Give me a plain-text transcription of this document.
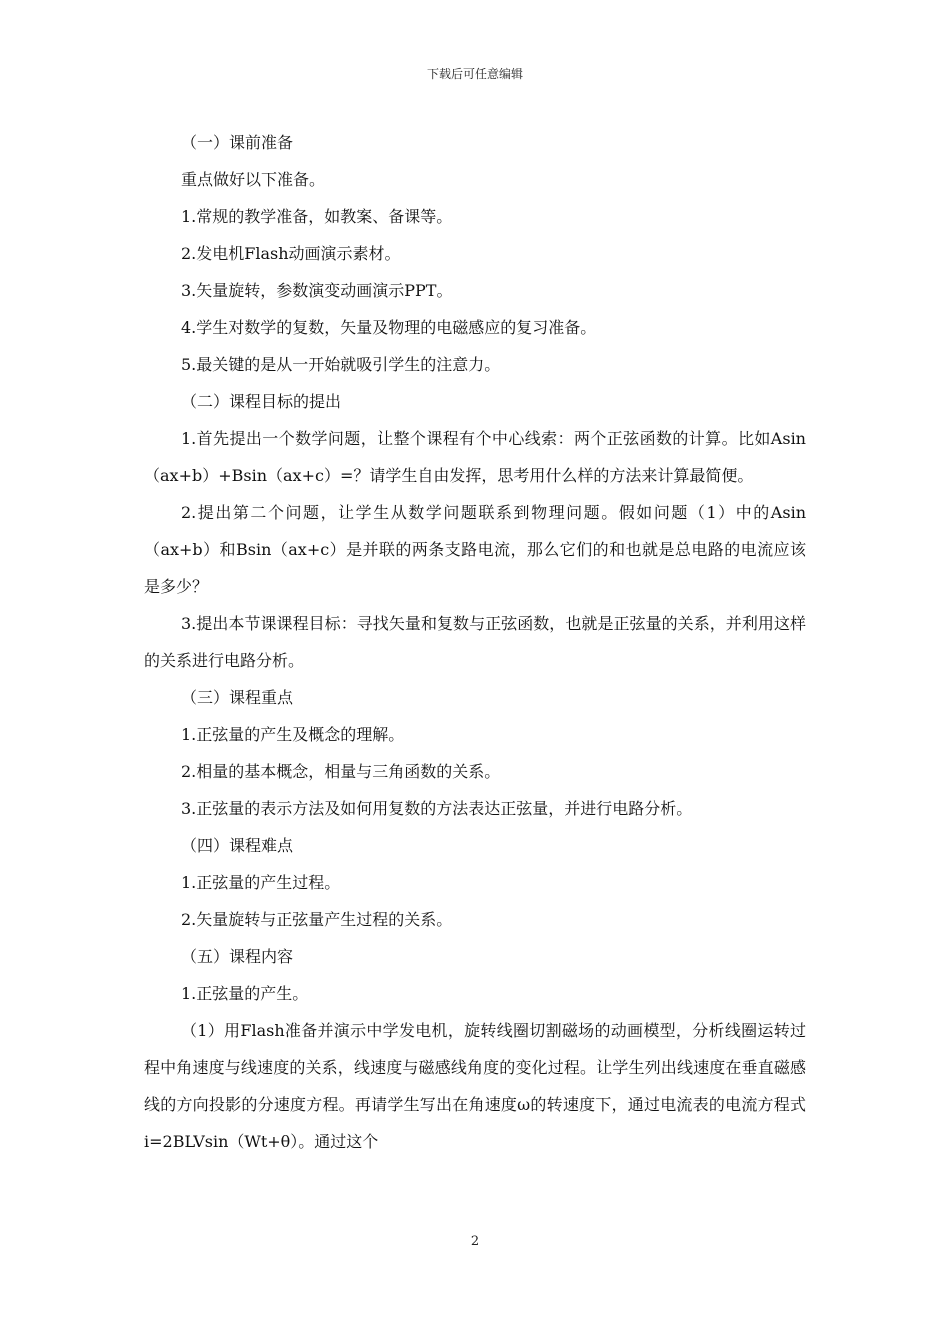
下载后可任意编辑
（一）课前准备
重点做好以下准备。
1.常规的教学准备，如教案、备课等。
2.发电机Flash动画演示素材。
3.矢量旋转，参数演变动画演示PPT。
4.学生对数学的复数，矢量及物理的电磁感应的复习准备。
5.最关键的是从一开始就吸引学生的注意力。
（二）课程目标的提出
1.首先提出一个数学问题，让整个课程有个中心线索：两个正弦函数的计算。比如Asin（ax+b）+Bsin（ax+c）=？请学生自由发挥，思考用什么样的方法来计算最简便。
2.提出第二个问题，让学生从数学问题联系到物理问题。假如问题（1）中的Asin（ax+b）和Bsin（ax+c）是并联的两条支路电流，那么它们的和也就是总电路的电流应该是多少？
3.提出本节课课程目标：寻找矢量和复数与正弦函数，也就是正弦量的关系，并利用这样的关系进行电路分析。
（三）课程重点
1.正弦量的产生及概念的理解。
2.相量的基本概念，相量与三角函数的关系。
3.正弦量的表示方法及如何用复数的方法表达正弦量，并进行电路分析。
（四）课程难点
1.正弦量的产生过程。
2.矢量旋转与正弦量产生过程的关系。
（五）课程内容
1.正弦量的产生。
（1）用Flash准备并演示中学发电机，旋转线圈切割磁场的动画模型，分析线圈运转过程中角速度与线速度的关系，线速度与磁感线角度的变化过程。让学生列出线速度在垂直磁感线的方向投影的分速度方程。再请学生写出在角速度ω的转速度下，通过电流表的电流方程式i=2BLVsin（Wt+θ）。通过这个
2
